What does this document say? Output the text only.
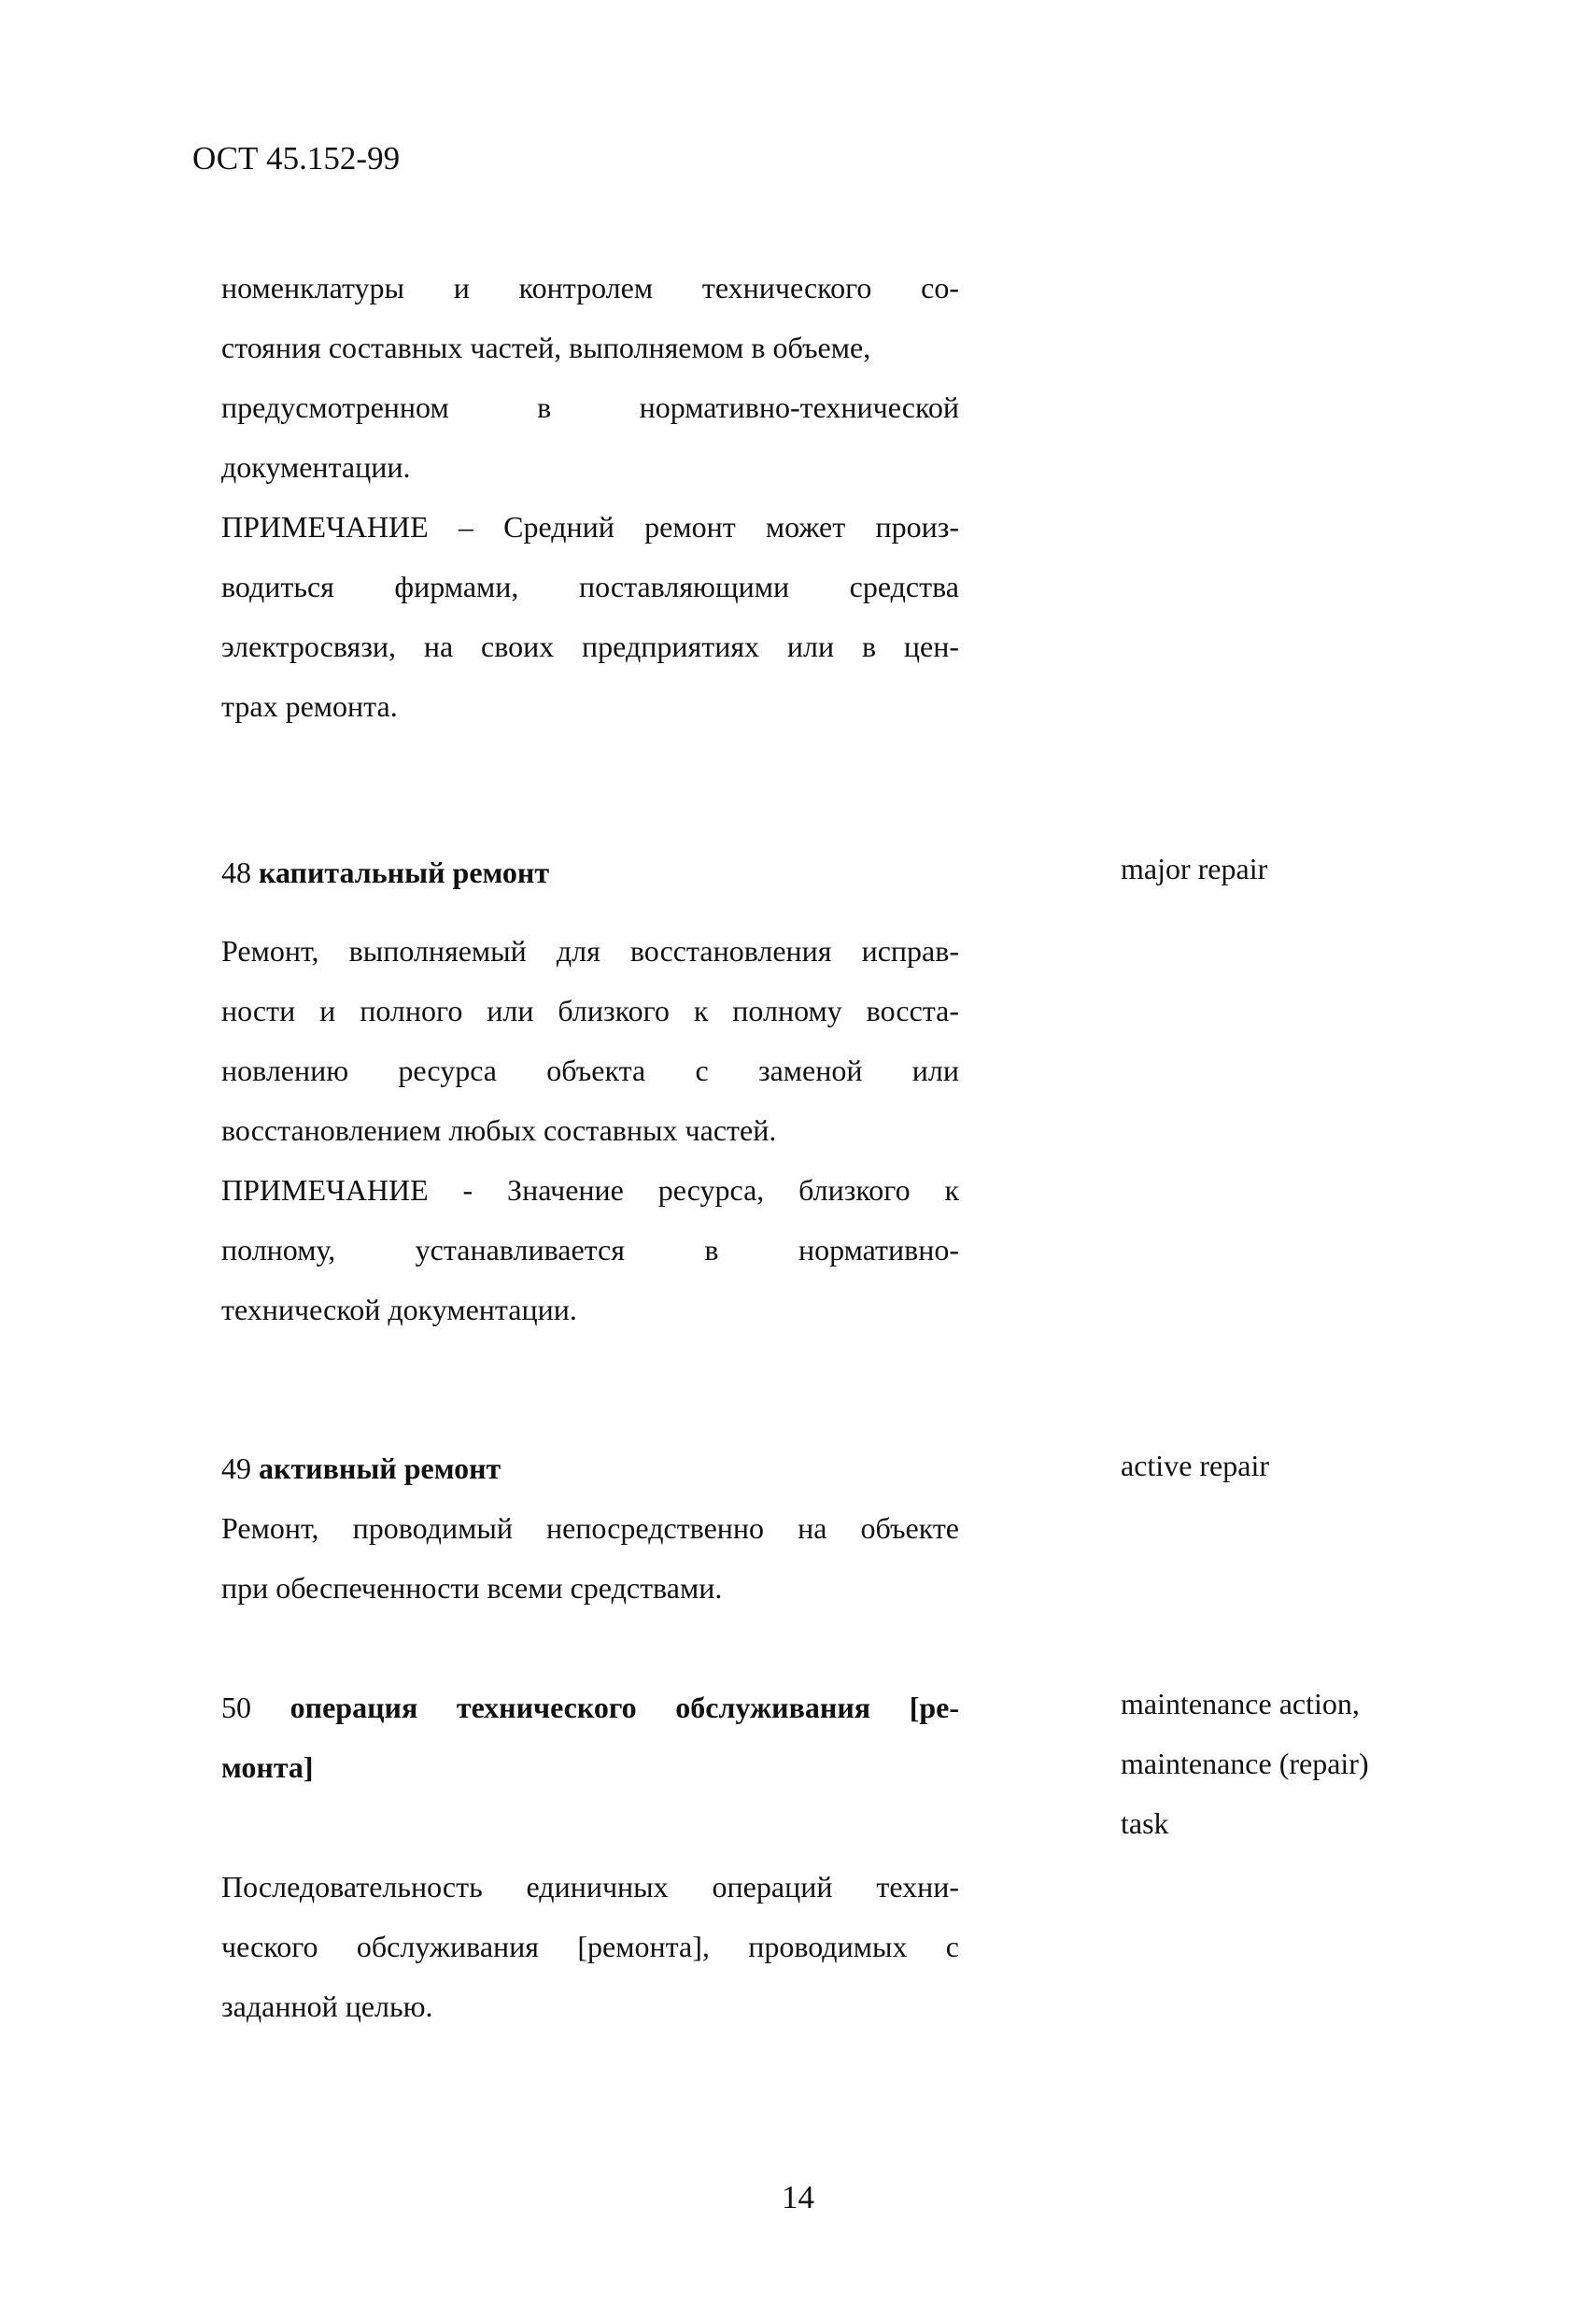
ОСТ 45.152-99
номенклатуры и контролем технического со-
стояния составных частей, выполняемом в объеме,
предусмотренном в нормативно-технической
документации.
ПРИМЕЧАНИЕ – Средний ремонт может произ-
водиться фирмами, поставляющими средства
электросвязи, на своих предприятиях или в цен-
трах ремонта.
48 капитальный ремонт	major repair
Ремонт, выполняемый для восстановления исправ-
ности и полного или близкого к полному восста-
новлению ресурса объекта с заменой или
восстановлением любых составных частей.
ПРИМЕЧАНИЕ - Значение ресурса, близкого к
полному, устанавливается в нормативно-
технической документации.
49 активный ремонт	active repair
Ремонт, проводимый непосредственно на объекте
при обеспеченности всеми средствами.
50 операция технического обслуживания [ре-
монта]
maintenance action,
maintenance (repair)
task
Последовательность единичных операций техни-
ческого обслуживания [ремонта], проводимых с
заданной целью.
14
